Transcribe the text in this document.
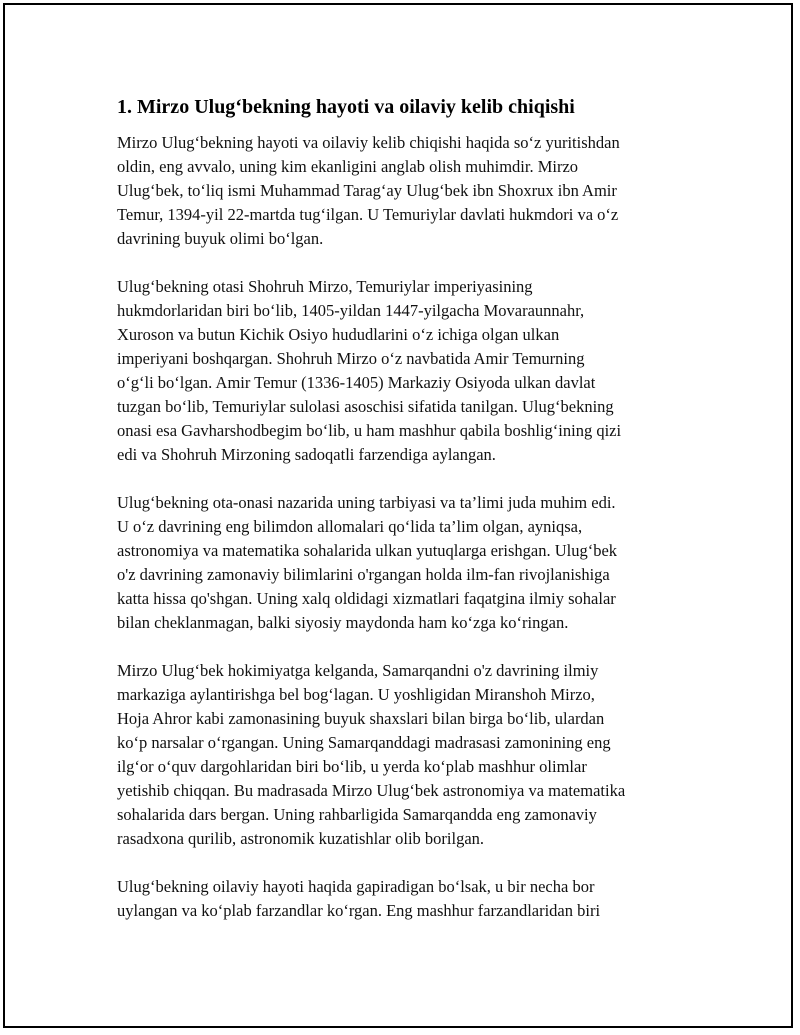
1. Mirzo Ulug‘bekning hayoti va oilaviy kelib chiqishi

Mirzo Ulug‘bekning hayoti va oilaviy kelib chiqishi haqida so‘z yuritishdan
oldin, eng avvalo, uning kim ekanligini anglab olish muhimdir. Mirzo
Ulug‘bek, to‘liq ismi Muhammad Tarag‘ay Ulug‘bek ibn Shoxrux ibn Amir
Temur, 1394-yil 22-martda tug‘ilgan. U Temuriylar davlati hukmdori va o‘z
davrining buyuk olimi bo‘lgan.

Ulug‘bekning otasi Shohruh Mirzo, Temuriylar imperiyasining
hukmdorlaridan biri bo‘lib, 1405-yildan 1447-yilgacha Movaraunnahr,
Xuroson va butun Kichik Osiyo hududlarini o‘z ichiga olgan ulkan
imperiyani boshqargan. Shohruh Mirzo o‘z navbatida Amir Temurning
o‘g‘li bo‘lgan. Amir Temur (1336-1405) Markaziy Osiyoda ulkan davlat
tuzgan bo‘lib, Temuriylar sulolasi asoschisi sifatida tanilgan. Ulug‘bekning
onasi esa Gavharshodbegim bo‘lib, u ham mashhur qabila boshlig‘ining qizi
edi va Shohruh Mirzoning sadoqatli farzendiga aylangan.

Ulug‘bekning ota-onasi nazarida uning tarbiyasi va ta’limi juda muhim edi.
U o‘z davrining eng bilimdon allomalari qo‘lida ta’lim olgan, ayniqsa,
astronomiya va matematika sohalarida ulkan yutuqlarga erishgan. Ulug‘bek
o'z davrining zamonaviy bilimlarini o'rgangan holda ilm-fan rivojlanishiga
katta hissa qo'shgan. Uning xalq oldidagi xizmatlari faqatgina ilmiy sohalar
bilan cheklanmagan, balki siyosiy maydonda ham ko‘zga ko‘ringan.

Mirzo Ulug‘bek hokimiyatga kelganda, Samarqandni o'z davrining ilmiy
markaziga aylantirishga bel bog‘lagan. U yoshligidan Miranshoh Mirzo,
Hoja Ahror kabi zamonasining buyuk shaxslari bilan birga bo‘lib, ulardan
ko‘p narsalar o‘rgangan. Uning Samarqanddagi madrasasi zamonining eng
ilg‘or o‘quv dargohlaridan biri bo‘lib, u yerda ko‘plab mashhur olimlar
yetishib chiqqan. Bu madrasada Mirzo Ulug‘bek astronomiya va matematika
sohalarida dars bergan. Uning rahbarligida Samarqandda eng zamonaviy
rasadxona qurilib, astronomik kuzatishlar olib borilgan.

Ulug‘bekning oilaviy hayoti haqida gapiradigan bo‘lsak, u bir necha bor
uylangan va ko‘plab farzandlar ko‘rgan. Eng mashhur farzandlaridan biri
